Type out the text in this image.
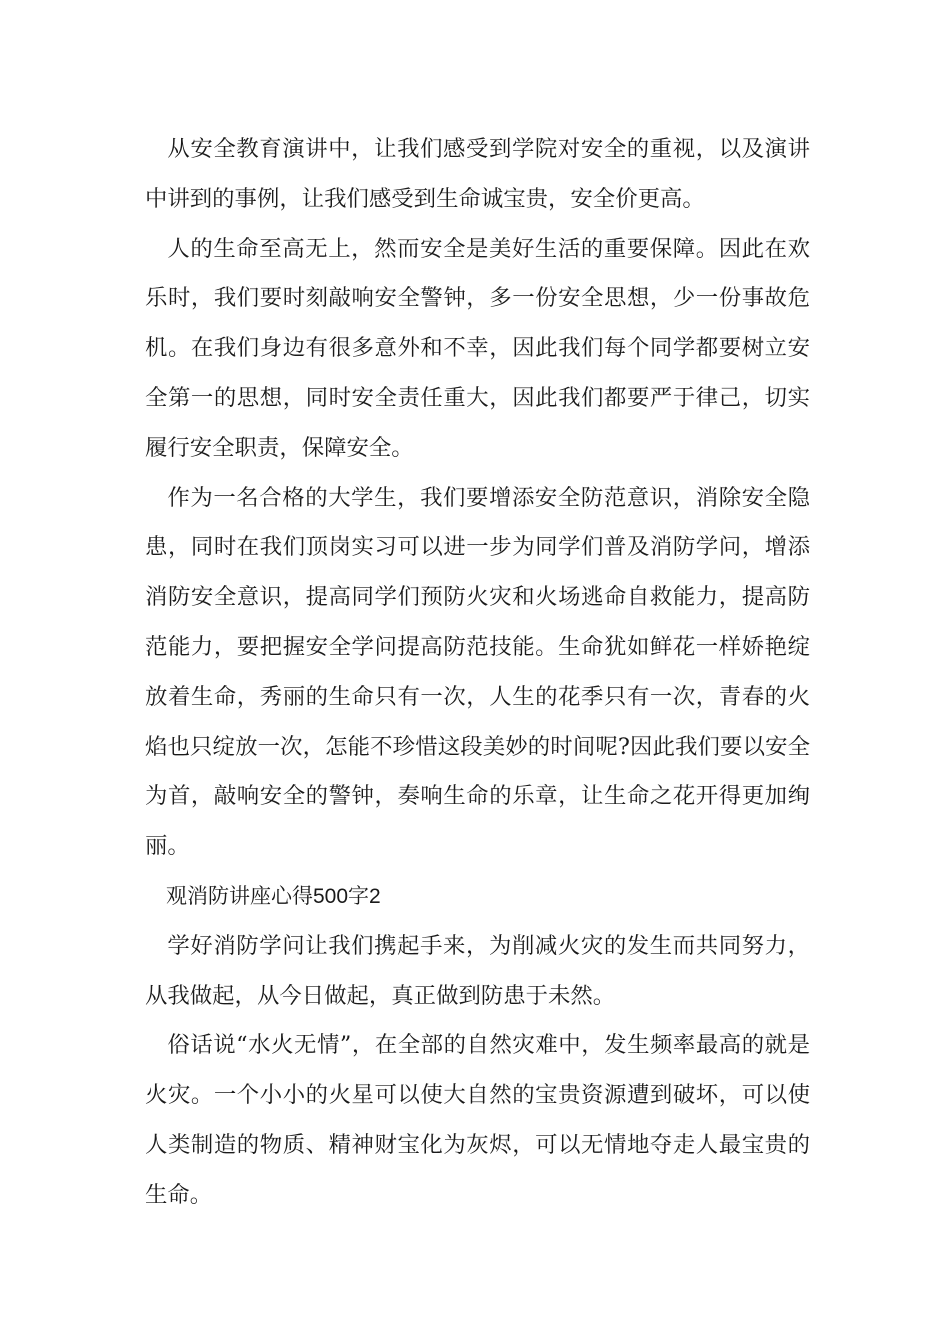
从安全教育演讲中，让我们感受到学院对安全的重视，以及演讲中讲到的事例，让我们感受到生命诚宝贵，安全价更高。

人的生命至高无上，然而安全是美好生活的重要保障。因此在欢乐时，我们要时刻敲响安全警钟，多一份安全思想，少一份事故危机。在我们身边有很多意外和不幸，因此我们每个同学都要树立安全第一的思想，同时安全责任重大，因此我们都要严于律己，切实履行安全职责，保障安全。

作为一名合格的大学生，我们要增添安全防范意识，消除安全隐患，同时在我们顶岗实习可以进一步为同学们普及消防学问，增添消防安全意识，提高同学们预防火灾和火场逃命自救能力，提高防范能力，要把握安全学问提高防范技能。生命犹如鲜花一样娇艳绽放着生命，秀丽的生命只有一次，人生的花季只有一次，青春的火焰也只绽放一次，怎能不珍惜这段美妙的时间呢?因此我们要以安全为首，敲响安全的警钟，奏响生命的乐章，让生命之花开得更加绚丽。

观消防讲座心得500字2

学好消防学问让我们携起手来，为削减火灾的发生而共同努力，从我做起，从今日做起，真正做到防患于未然。

俗话说“水火无情”，在全部的自然灾难中，发生频率最高的就是火灾。一个小小的火星可以使大自然的宝贵资源遭到破坏，可以使人类制造的物质、精神财宝化为灰烬，可以无情地夺走人最宝贵的生命。
